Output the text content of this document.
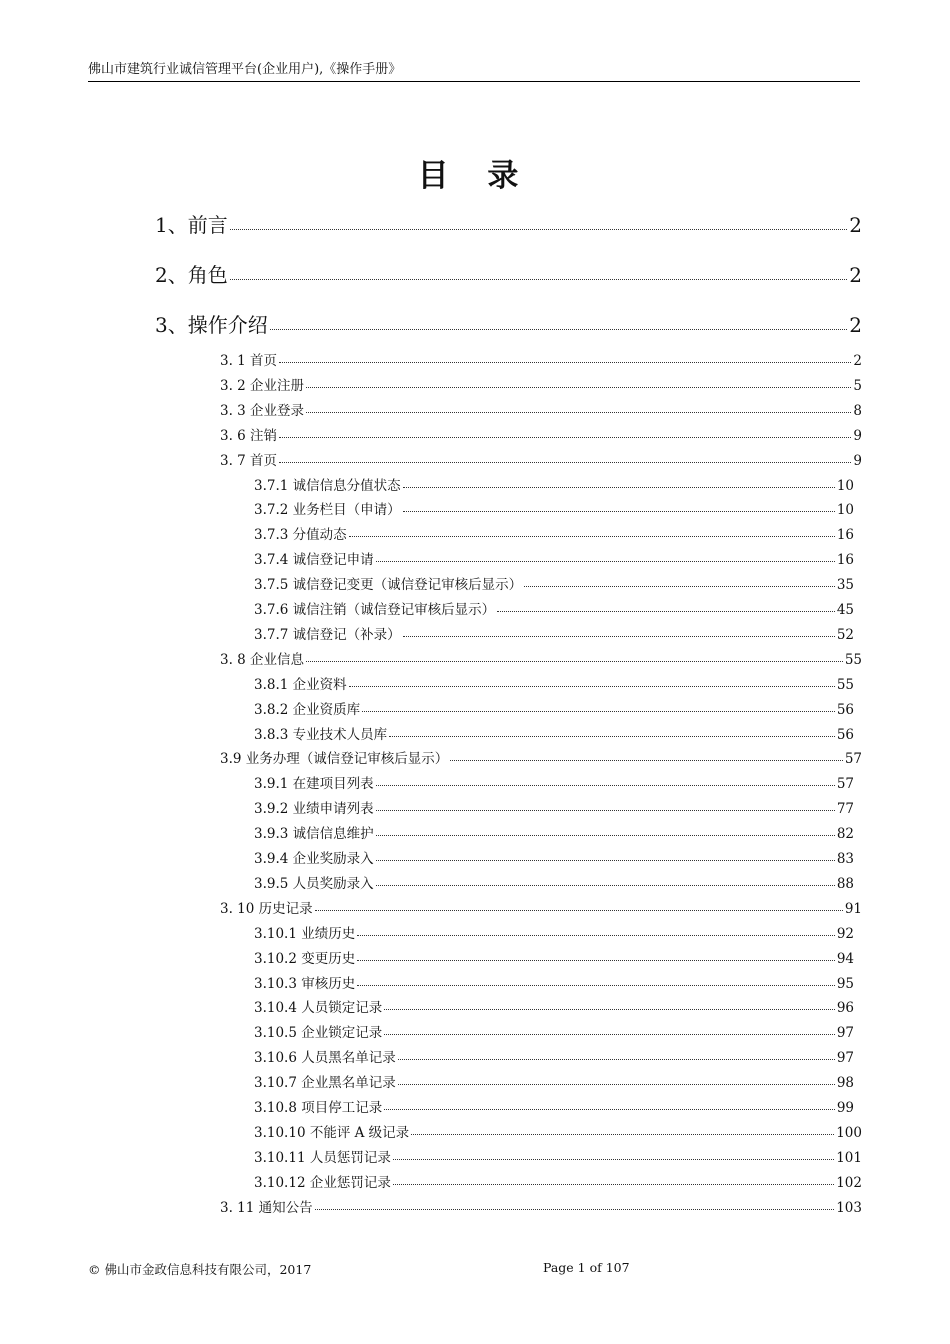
佛山市建筑行业诚信管理平台(企业用户),《操作手册》
目 录
1、前言	2
2、角色	2
3、操作介绍	2
3. 1 首页	2
3. 2 企业注册	5
3. 3 企业登录	8
3. 6 注销	9
3. 7 首页	9
3.7.1 诚信信息分值状态	10
3.7.2 业务栏目（申请）	10
3.7.3 分值动态	16
3.7.4 诚信登记申请	16
3.7.5 诚信登记变更（诚信登记审核后显示）	35
3.7.6 诚信注销（诚信登记审核后显示）	45
3.7.7 诚信登记（补录）	52
3. 8 企业信息	55
3.8.1 企业资料	55
3.8.2 企业资质库	56
3.8.3 专业技术人员库	56
3.9 业务办理（诚信登记审核后显示）	57
3.9.1 在建项目列表	57
3.9.2 业绩申请列表	77
3.9.3 诚信信息维护	82
3.9.4 企业奖励录入	83
3.9.5 人员奖励录入	88
3. 10 历史记录	91
3.10.1 业绩历史	92
3.10.2 变更历史	94
3.10.3 审核历史	95
3.10.4 人员锁定记录	96
3.10.5 企业锁定记录	97
3.10.6 人员黑名单记录	97
3.10.7 企业黑名单记录	98
3.10.8 项目停工记录	99
3.10.10 不能评 A 级记录	100
3.10.11 人员惩罚记录	101
3.10.12 企业惩罚记录	102
3. 11 通知公告	103
© 佛山市金政信息科技有限公司，2017	Page 1 of 107
